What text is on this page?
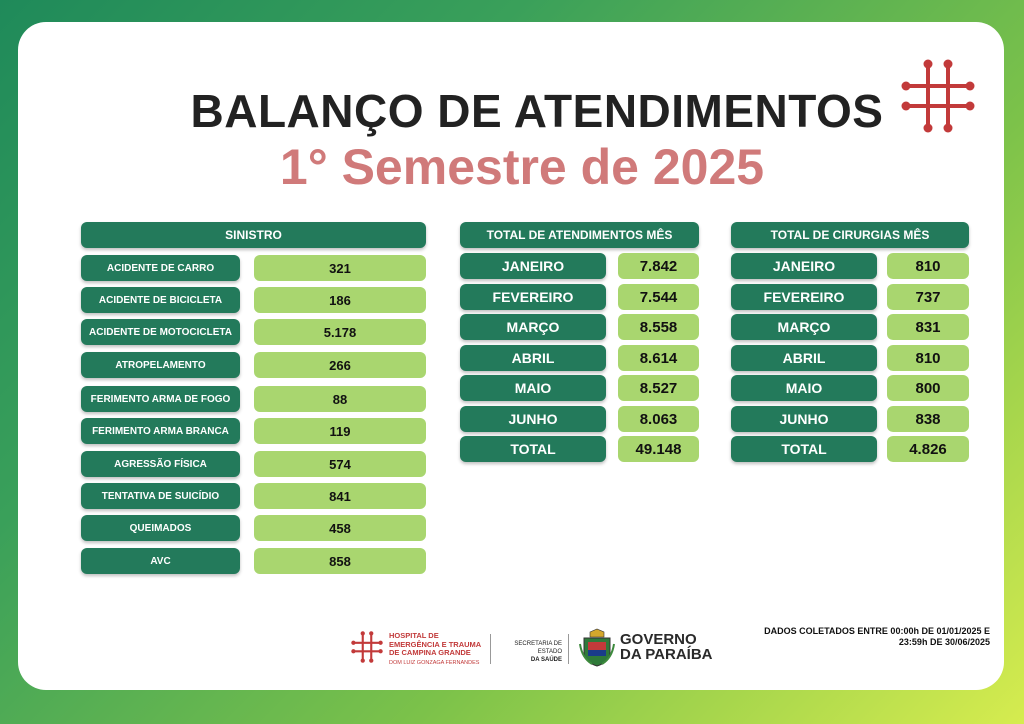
BALANÇO DE ATENDIMENTOS
1° Semestre de 2025
SINISTRO
ACIDENTE DE CARRO	321
ACIDENTE DE BICICLETA	186
ACIDENTE DE MOTOCICLETA	5.178
ATROPELAMENTO	266
FERIMENTO ARMA DE FOGO	88
FERIMENTO ARMA BRANCA	119
AGRESSÃO FÍSICA	574
TENTATIVA DE SUICÍDIO	841
QUEIMADOS	458
AVC	858
TOTAL DE ATENDIMENTOS MÊS
JANEIRO	7.842
FEVEREIRO	7.544
MARÇO	8.558
ABRIL	8.614
MAIO	8.527
JUNHO	8.063
TOTAL	49.148
TOTAL DE CIRURGIAS MÊS
JANEIRO	810
FEVEREIRO	737
MARÇO	831
ABRIL	810
MAIO	800
JUNHO	838
TOTAL	4.826
HOSPITAL DE EMERGÊNCIA E TRAUMA DE CAMPINA GRANDE
DOM LUIZ GONZAGA FERNANDES
SECRETARIA DE ESTADO
DA SAÚDE
GOVERNO
DA PARAÍBA
DADOS COLETADOS ENTRE 00:00h DE 01/01/2025 E 23:59h DE 30/06/2025
